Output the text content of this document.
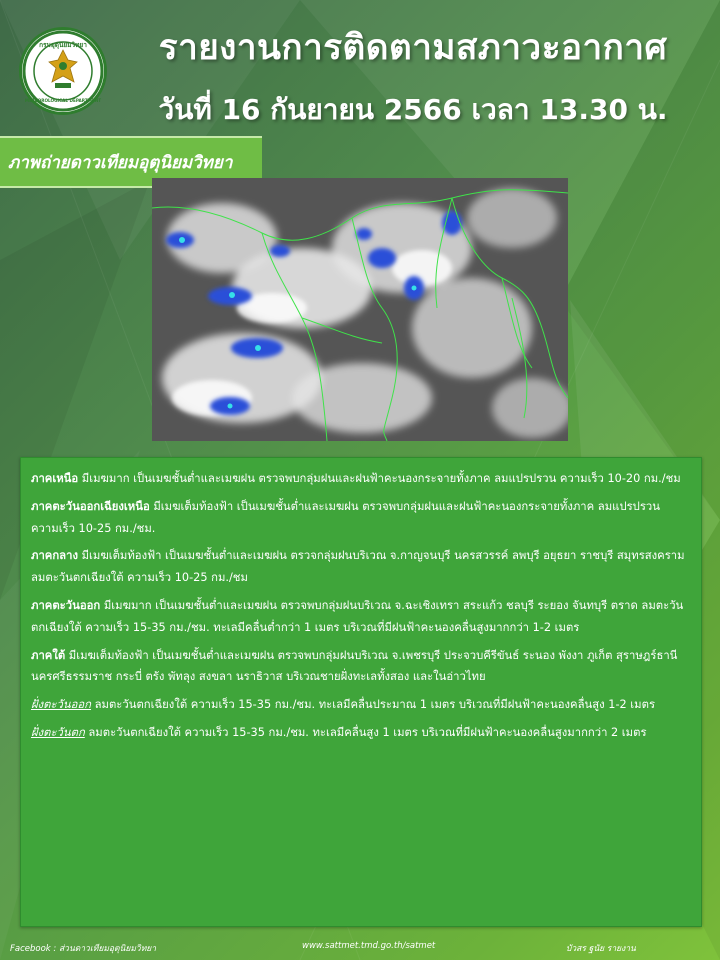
กรมอุตุนิยมวิทยา
METEOROLOGICAL DEPARTMENT
รายงานการติดตามสภาวะอากาศ
วันที่ 16 กันยายน 2566 เวลา 13.30 น.
ภาพถ่ายดาวเทียมอุตุนิยมวิทยา
ภาคเหนือ มีเมฆมาก เป็นเมฆชั้นต่ำและเมฆฝน ตรวจพบกลุ่มฝนและฝนฟ้าคะนองกระจายทั้งภาค ลมแปรปรวน ความเร็ว 10-20 กม./ชม
ภาคตะวันออกเฉียงเหนือ มีเมฆเต็มท้องฟ้า เป็นเมฆชั้นต่ำและเมฆฝน ตรวจพบกลุ่มฝนและฝนฟ้าคะนองกระจายทั้งภาค ลมแปรปรวน ความเร็ว 10-25 กม./ชม.
ภาคกลาง มีเมฆเต็มท้องฟ้า เป็นเมฆชั้นต่ำและเมฆฝน ตรวจกลุ่มฝนบริเวณ จ.กาญจนบุรี นครสวรรค์ ลพบุรี อยุธยา ราชบุรี สมุทรสงคราม ลมตะวันตกเฉียงใต้ ความเร็ว 10-25 กม./ชม
ภาคตะวันออก มีเมฆมาก เป็นเมฆชั้นต่ำและเมฆฝน ตรวจพบกลุ่มฝนบริเวณ จ.ฉะเชิงเทรา สระแก้ว ชลบุรี ระยอง จันทบุรี ตราด ลมตะวันตกเฉียงใต้ ความเร็ว 15-35 กม./ชม. ทะเลมีคลื่นต่ำกว่า 1 เมตร บริเวณที่มีฝนฟ้าคะนองคลื่นสูงมากกว่า 1-2 เมตร
ภาคใต้ มีเมฆเต็มท้องฟ้า เป็นเมฆชั้นต่ำและเมฆฝน ตรวจพบกลุ่มฝนบริเวณ จ.เพชรบุรี ประจวบคีรีขันธ์ ระนอง พังงา ภูเก็ต สุราษฎร์ธานี นครศรีธรรมราช กระบี่ ตรัง พัทลุง สงขลา นราธิวาส บริเวณชายฝั่งทะเลทั้งสอง และในอ่าวไทย
ฝั่งตะวันออก ลมตะวันตกเฉียงใต้ ความเร็ว 15-35 กม./ชม. ทะเลมีคลื่นประมาณ 1 เมตร บริเวณที่มีฝนฟ้าคะนองคลื่นสูง 1-2 เมตร
ฝั่งตะวันตก ลมตะวันตกเฉียงใต้ ความเร็ว 15-35 กม./ชม. ทะเลมีคลื่นสูง 1 เมตร บริเวณที่มีฝนฟ้าคะนองคลื่นสูงมากกว่า 2 เมตร
Facebook : ส่วนดาวเทียมอุตุนิยมวิทยา	www.sattmet.tmd.go.th/satmet	บัวสร ฐนัย รายงาน
